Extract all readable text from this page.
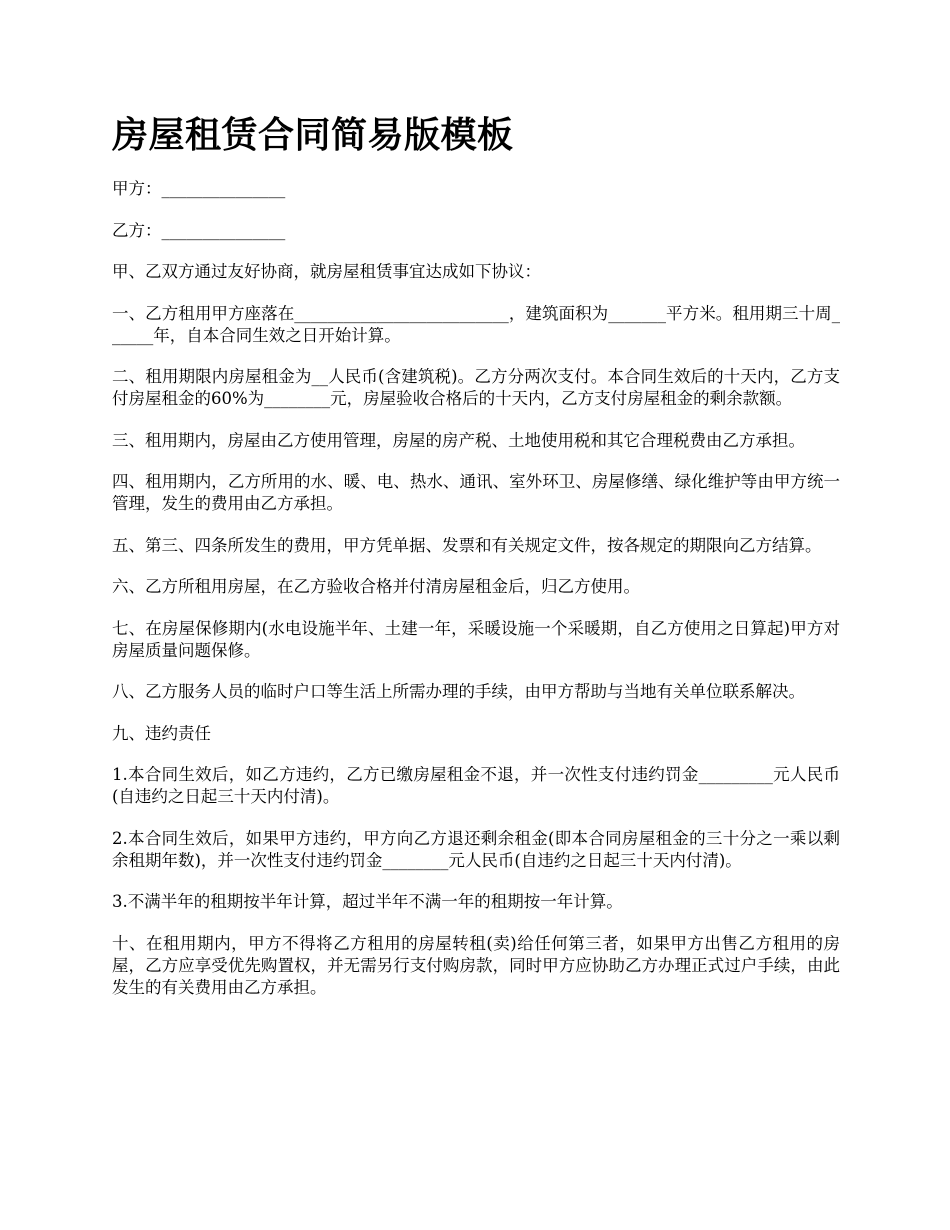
房屋租赁合同简易版模板

甲方：_______________

乙方：_______________

甲、乙双方通过友好协商，就房屋租赁事宜达成如下协议：

一、乙方租用甲方座落在__________________________，建筑面积为_______平方米。租用期三十周______年，自本合同生效之日开始计算。

二、租用期限内房屋租金为__人民币(含建筑税)。乙方分两次支付。本合同生效后的十天内，乙方支付房屋租金的60%为________元，房屋验收合格后的十天内，乙方支付房屋租金的剩余款额。

三、租用期内，房屋由乙方使用管理，房屋的房产税、土地使用税和其它合理税费由乙方承担。

四、租用期内，乙方所用的水、暖、电、热水、通讯、室外环卫、房屋修缮、绿化维护等由甲方统一管理，发生的费用由乙方承担。

五、第三、四条所发生的费用，甲方凭单据、发票和有关规定文件，按各规定的期限向乙方结算。

六、乙方所租用房屋，在乙方验收合格并付清房屋租金后，归乙方使用。

七、在房屋保修期内(水电设施半年、土建一年，采暖设施一个采暖期，自乙方使用之日算起)甲方对房屋质量问题保修。

八、乙方服务人员的临时户口等生活上所需办理的手续，由甲方帮助与当地有关单位联系解决。

九、违约责任

1.本合同生效后，如乙方违约，乙方已缴房屋租金不退，并一次性支付违约罚金_________元人民币(自违约之日起三十天内付清)。

2.本合同生效后，如果甲方违约，甲方向乙方退还剩余租金(即本合同房屋租金的三十分之一乘以剩余租期年数)，并一次性支付违约罚金________元人民币(自违约之日起三十天内付清)。

3.不满半年的租期按半年计算，超过半年不满一年的租期按一年计算。

十、在租用期内，甲方不得将乙方租用的房屋转租(卖)给任何第三者，如果甲方出售乙方租用的房屋，乙方应享受优先购置权，并无需另行支付购房款，同时甲方应协助乙方办理正式过户手续，由此发生的有关费用由乙方承担。
